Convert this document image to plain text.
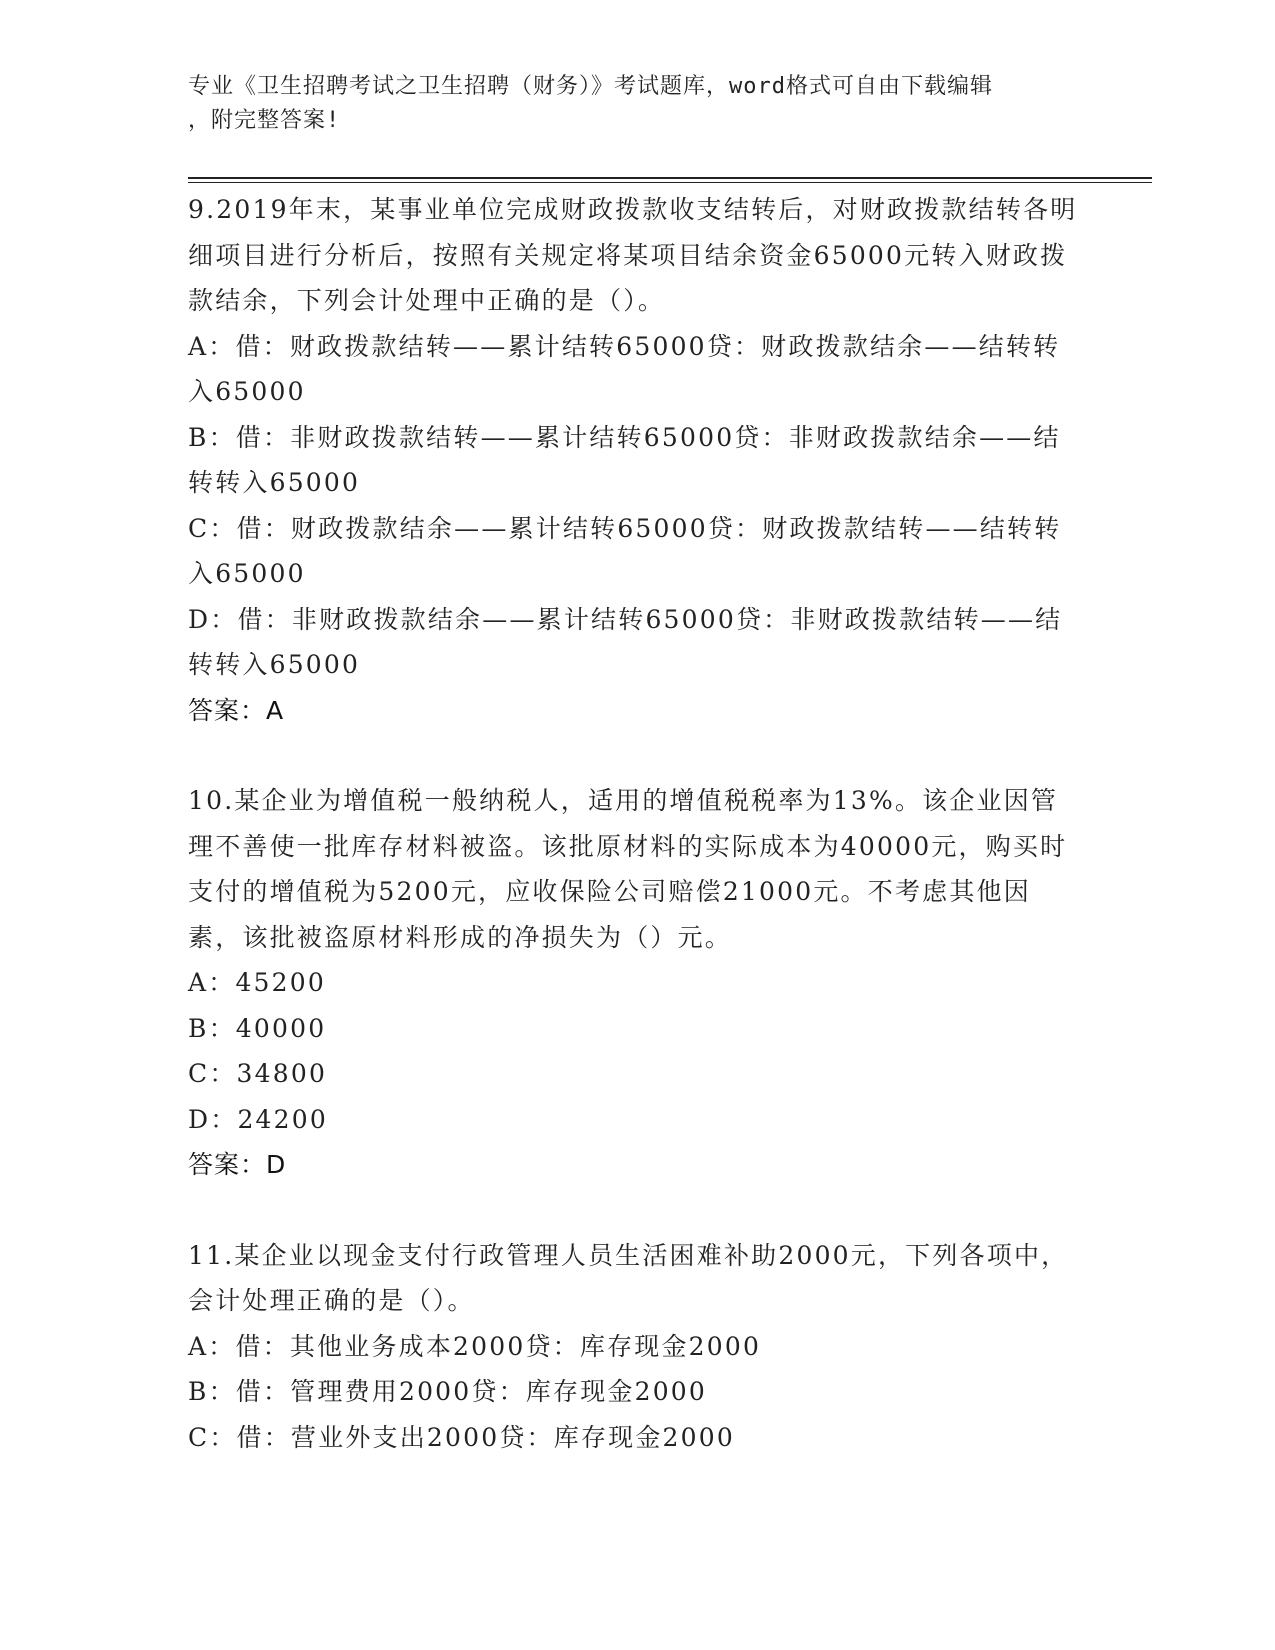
专业《卫生招聘考试之卫生招聘（财务）》考试题库，word格式可自由下载编辑
，附完整答案!
9.2019年末，某事业单位完成财政拨款收支结转后，对财政拨款结转各明细项目进行分析后，按照有关规定将某项目结余资金65000元转入财政拨款结余，下列会计处理中正确的是（）。
A：借：财政拨款结转——累计结转65000贷：财政拨款结余——结转转入65000
B：借：非财政拨款结转——累计结转65000贷：非财政拨款结余——结转转入65000
C：借：财政拨款结余——累计结转65000贷：财政拨款结转——结转转入65000
D：借：非财政拨款结余——累计结转65000贷：非财政拨款结转——结转转入65000
答案：A
10.某企业为增值税一般纳税人，适用的增值税税率为13%。该企业因管理不善使一批库存材料被盗。该批原材料的实际成本为40000元，购买时支付的增值税为5200元，应收保险公司赔偿21000元。不考虑其他因素，该批被盗原材料形成的净损失为（）元。
A：45200
B：40000
C：34800
D：24200
答案：D
11.某企业以现金支付行政管理人员生活困难补助2000元，下列各项中，会计处理正确的是（）。
A：借：其他业务成本2000贷：库存现金2000
B：借：管理费用2000贷：库存现金2000
C：借：营业外支出2000贷：库存现金2000
